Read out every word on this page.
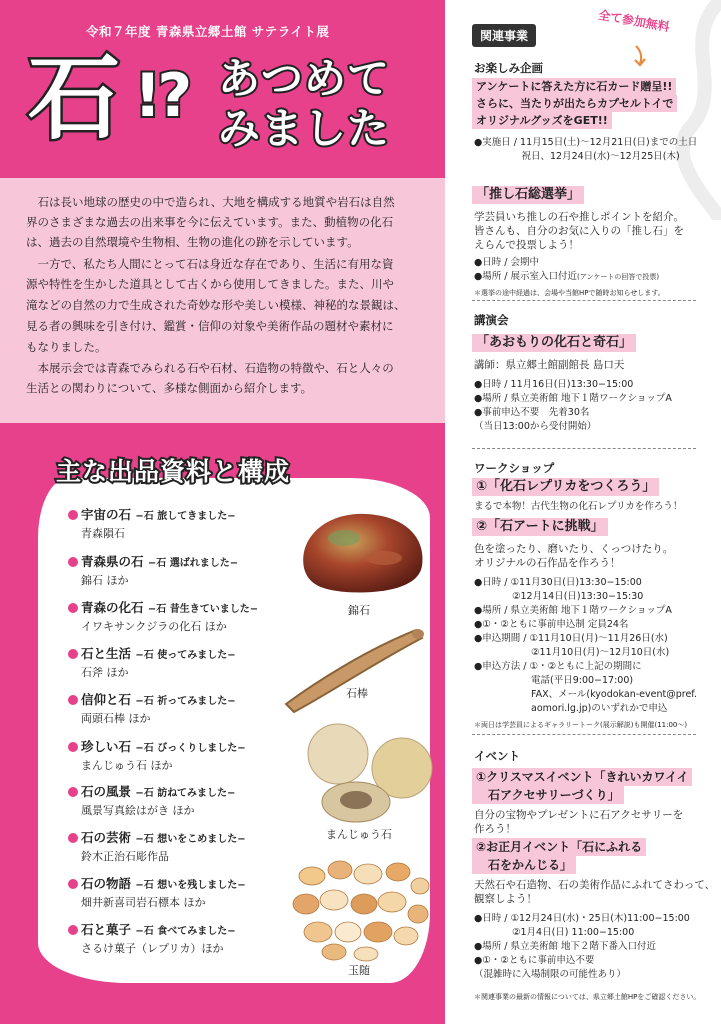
令和７年度 青森県立郷土館 サテライト展
石 !? あつめて
みました

　石は長い地球の歴史の中で造られ、大地を構成する地質や岩石は自然

界のさまざまな過去の出来事を今に伝えています。また、動植物の化石

は、過去の自然環境や生物相、生物の進化の跡を示しています。

　一方で、私たち人間にとって石は身近な存在であり、生活に有用な資

源や特性を生かした道具として古くから使用してきました。また、川や

滝などの自然の力で生成された奇妙な形や美しい模様、神秘的な景観は、

見る者の興味を引き付け、鑑賞・信仰の対象や美術作品の題材や素材に

もなりました。

　本展示会では青森でみられる石や石材、石造物の特徴や、石と人々の

生活との関わりについて、多様な側面から紹介します。

主な出品資料と構成
宇宙の石 −石 旅してきました−
青森隕石
青森県の石 −石 選ばれました−
錦石 ほか
青森の化石 −石 昔生きていました−
イワキサンクジラの化石 ほか
石と生活 −石 使ってみました−
石斧 ほか
信仰と石 −石 祈ってみました−
両頭石棒 ほか
珍しい石 −石 びっくりしました−
まんじゅう石 ほか
石の風景 −石 訪ねてみました−
風景写真絵はがき ほか
石の芸術 −石 想いをこめました−
鈴木正治石彫作品
石の物語 −石 想いを残しました−
畑井新喜司岩石標本 ほか
石と菓子 −石 食べてみました−
さるけ菓子（レプリカ）ほか
錦石
石棒
まんじゅう石
玉随
関連事業
全て参加無料
お楽しみ企画
アンケートに答えた方に石カード贈呈!!
さらに、当たりが出たらカプセルトイで
オリジナルグッズをGET!!
●実施日 / 11月15日(土)〜12月21日(日)までの土日
　　　　　祝日、12月24日(水)〜12月25日(木)
「推し石総選挙」
学芸員いち推しの石や推しポイントを紹介。
皆さんも、自分のお気に入りの「推し石」を
えらんで投票しよう！
●日時 / 会期中
●場所 / 展示室入口付近(アンケートの回答で投票)
＊選挙の途中経過は、会場や当館HPで随時お知らせします。
講演会
「あおもりの化石と奇石」
講師：県立郷土館副館長 島口天
●日時 / 11月16日(日)13:30−15:00
●場所 / 県立美術館 地下１階ワークショップA
●事前申込不要　先着30名
（当日13:00から受付開始）
ワークショップ
①「化石レプリカをつくろう」
まるで本物！古代生物の化石レプリカを作ろう！
②「石アートに挑戦」
色を塗ったり、磨いたり、くっつけたり。
オリジナルの石作品を作ろう！
●日時 / ①11月30日(日)13:30−15:00
　　　　②12月14日(日)13:30−15:30
●場所 / 県立美術館 地下１階ワークショップA
●①・②ともに事前申込制 定員24名
●申込期間 / ①11月10日(月)〜11月26日(水)
　　　　　　②11月10日(月)〜12月10日(水)
●申込方法 / ①・②ともに上記の期間に
　　　　　　電話(平日9:00−17:00)
　　　　　　FAX、メール(kyodokan-event@pref.
　　　　　　aomori.lg.jp)のいずれかで申込
＊両日は学芸員によるギャラリートーク(展示解説)も開催(11:00〜)
イベント
①クリスマスイベント「きれいカワイイ
　石アクセサリーづくり」
自分の宝物やプレゼントに石アクセサリーを
作ろう！
②お正月イベント「石にふれる
　石をかんじる」
天然石や石造物、石の美術作品にふれてさわって、
観察しよう！
●日時 / ①12月24日(水)・25日(木)11:00−15:00
　　　　②1月4日(日) 11:00−15:00
●場所 / 県立美術館 地下２階下番入口付近
●①・②ともに事前申込不要
（混雑時に入場制限の可能性あり）
＊関連事業の最新の情報については、県立郷土館HPをご確認ください。
